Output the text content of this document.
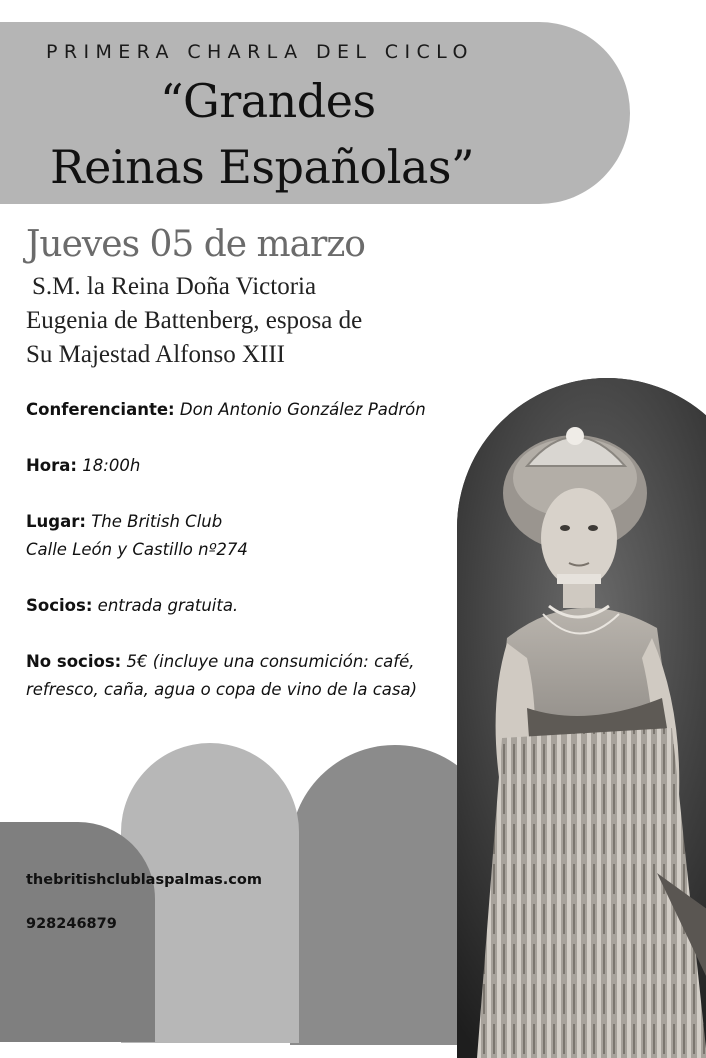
PRIMERA CHARLA DEL CICLO
“Grandes
Reinas Españolas”
Jueves 05 de marzo
S.M. la Reina Doña Victoria
Eugenia de Battenberg, esposa de
Su Majestad Alfonso XIII

Conferenciante: Don Antonio González Padrón

Hora: 18:00h

Lugar: The British Club
Calle León y Castillo nº274

Socios: entrada gratuita.

No socios: 5€ (incluye una consumición: café, refresco, caña, agua o copa de vino de la casa)

thebritishclublaspalmas.com
928246879
